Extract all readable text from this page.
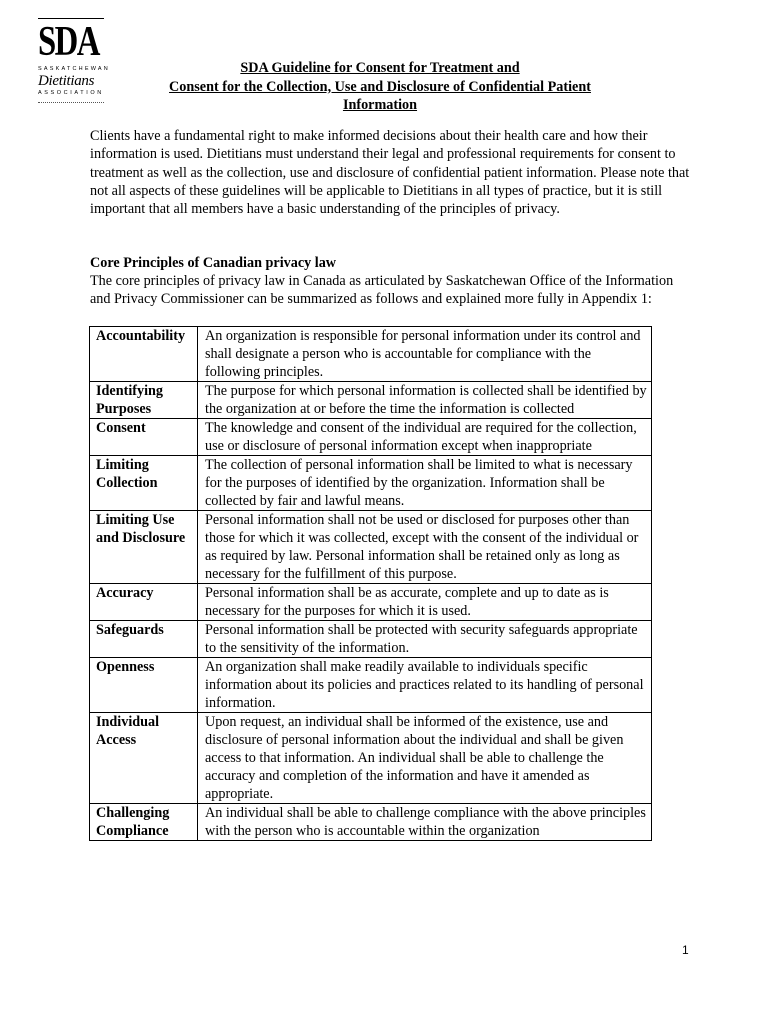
SDA
SASKATCHEWAN
Dietitians
ASSOCIATION
SDA Guideline for Consent for Treatment and
Consent for the Collection, Use and Disclosure of Confidential Patient
Information
Clients have a fundamental right to make informed decisions about their health care and how their information is used. Dietitians must understand their legal and professional requirements for consent to treatment as well as the collection, use and disclosure of confidential patient information. Please note that not all aspects of these guidelines will be applicable to Dietitians in all types of practice, but it is still important that all members have a basic understanding of the principles of privacy.
Core Principles of Canadian privacy law
The core principles of privacy law in Canada as articulated by Saskatchewan Office of the Information and Privacy Commissioner can be summarized as follows and explained more fully in Appendix 1:
Accountability	An organization is responsible for personal information under its control and shall designate a person who is accountable for compliance with the following principles.
Identifying Purposes	The purpose for which personal information is collected shall be identified by the organization at or before the time the information is collected
Consent	The knowledge and consent of the individual are required for the collection, use or disclosure of personal information except when inappropriate
Limiting Collection	The collection of personal information shall be limited to what is necessary for the purposes of identified by the organization. Information shall be collected by fair and lawful means.
Limiting Use and Disclosure	Personal information shall not be used or disclosed for purposes other than those for which it was collected, except with the consent of the individual or as required by law. Personal information shall be retained only as long as necessary for the fulfillment of this purpose.
Accuracy	Personal information shall be as accurate, complete and up to date as is necessary for the purposes for which it is used.
Safeguards	Personal information shall be protected with security safeguards appropriate to the sensitivity of the information.
Openness	An organization shall make readily available to individuals specific information about its policies and practices related to its handling of personal information.
Individual Access	Upon request, an individual shall be informed of the existence, use and disclosure of personal information about the individual and shall be given access to that information. An individual shall be able to challenge the accuracy and completion of the information and have it amended as appropriate.
Challenging Compliance	An individual shall be able to challenge compliance with the above principles with the person who is accountable within the organization
1
